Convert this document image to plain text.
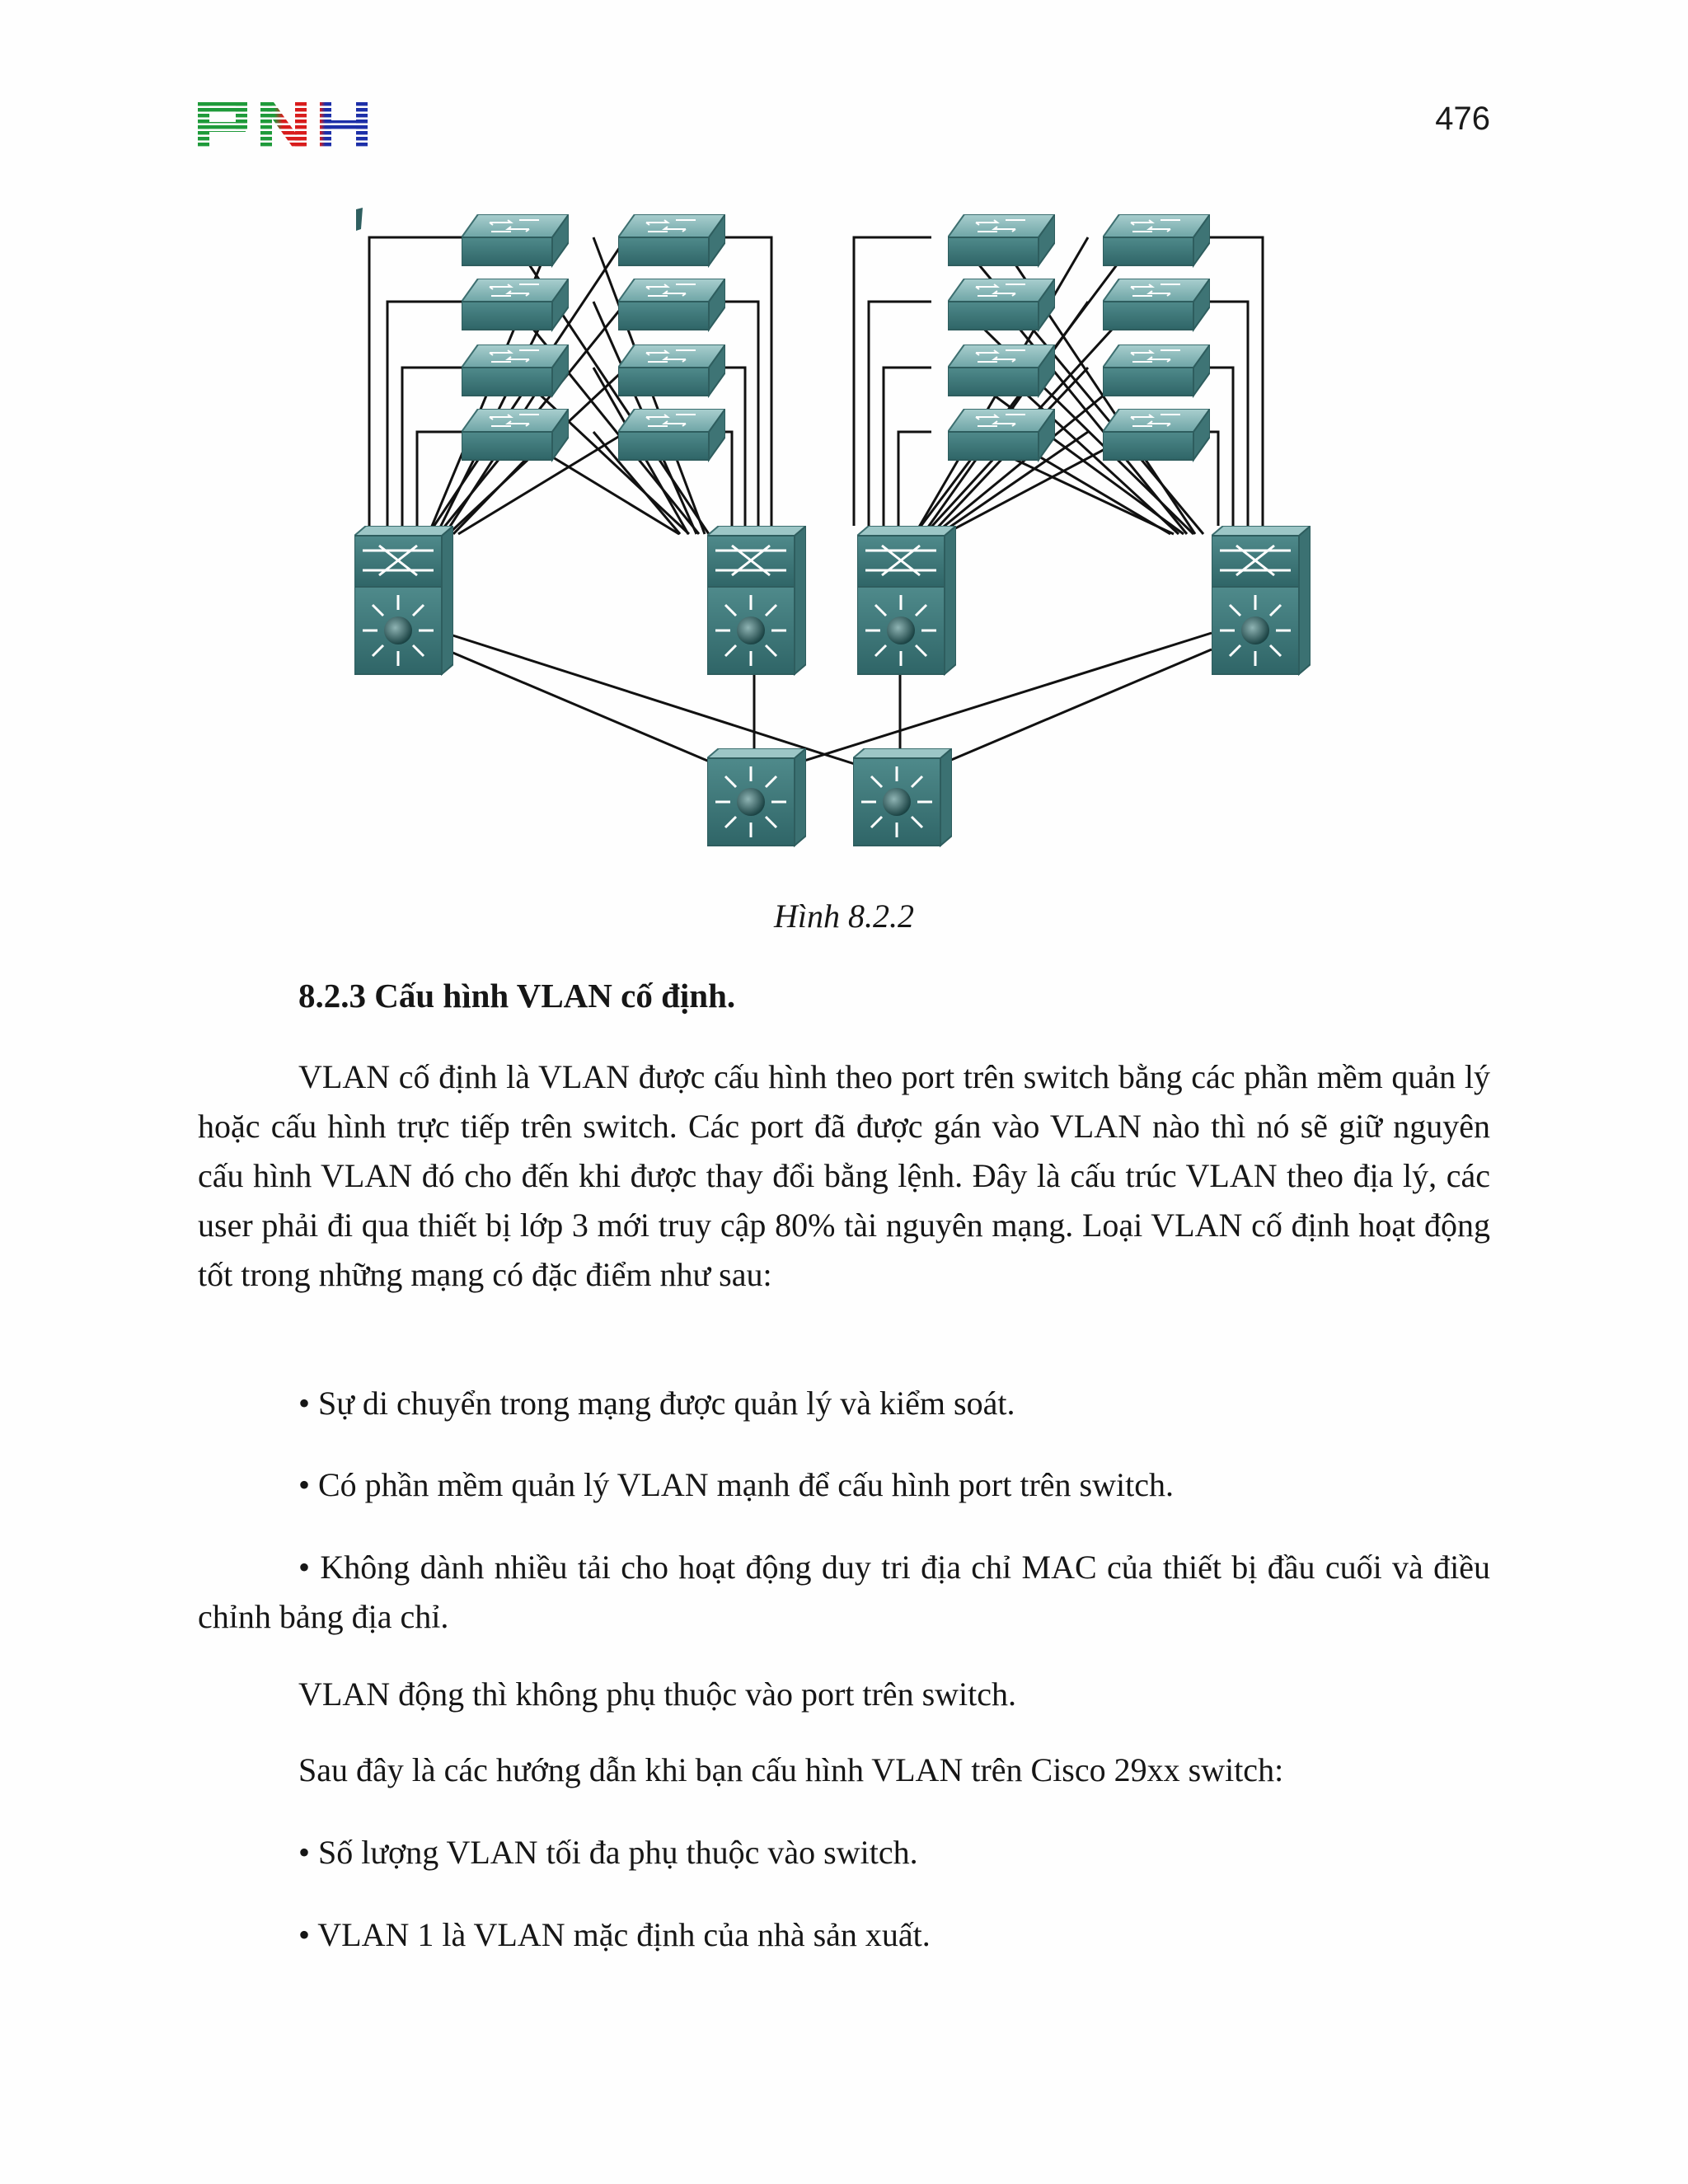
476
Hình 8.2.2
8.2.3 Cấu hình VLAN cố định.
VLAN cố định là VLAN được cấu hình theo port trên switch bằng các phần mềm quản lý hoặc cấu hình trực tiếp trên switch. Các port đã được gán vào VLAN nào thì nó sẽ giữ nguyên cấu hình VLAN đó cho đến khi được thay đổi bằng lệnh. Đây là cấu trúc VLAN theo địa lý, các user phải đi qua thiết bị lớp 3 mới truy cập 80% tài nguyên mạng. Loại VLAN cố định hoạt động tốt trong những mạng có đặc điểm như sau:
• Sự di chuyển trong mạng được quản lý và kiểm soát.
• Có phần mềm quản lý VLAN mạnh để cấu hình port trên switch.
• Không dành nhiều tải cho hoạt động duy tri địa chỉ MAC của thiết bị đầu cuối và điều chỉnh bảng địa chỉ.
VLAN động thì không phụ thuộc vào port trên switch.
Sau đây là các hướng dẫn khi bạn cấu hình VLAN trên Cisco 29xx switch:
• Số lượng VLAN tối đa phụ thuộc vào switch.
• VLAN 1 là VLAN mặc định của nhà sản xuất.
